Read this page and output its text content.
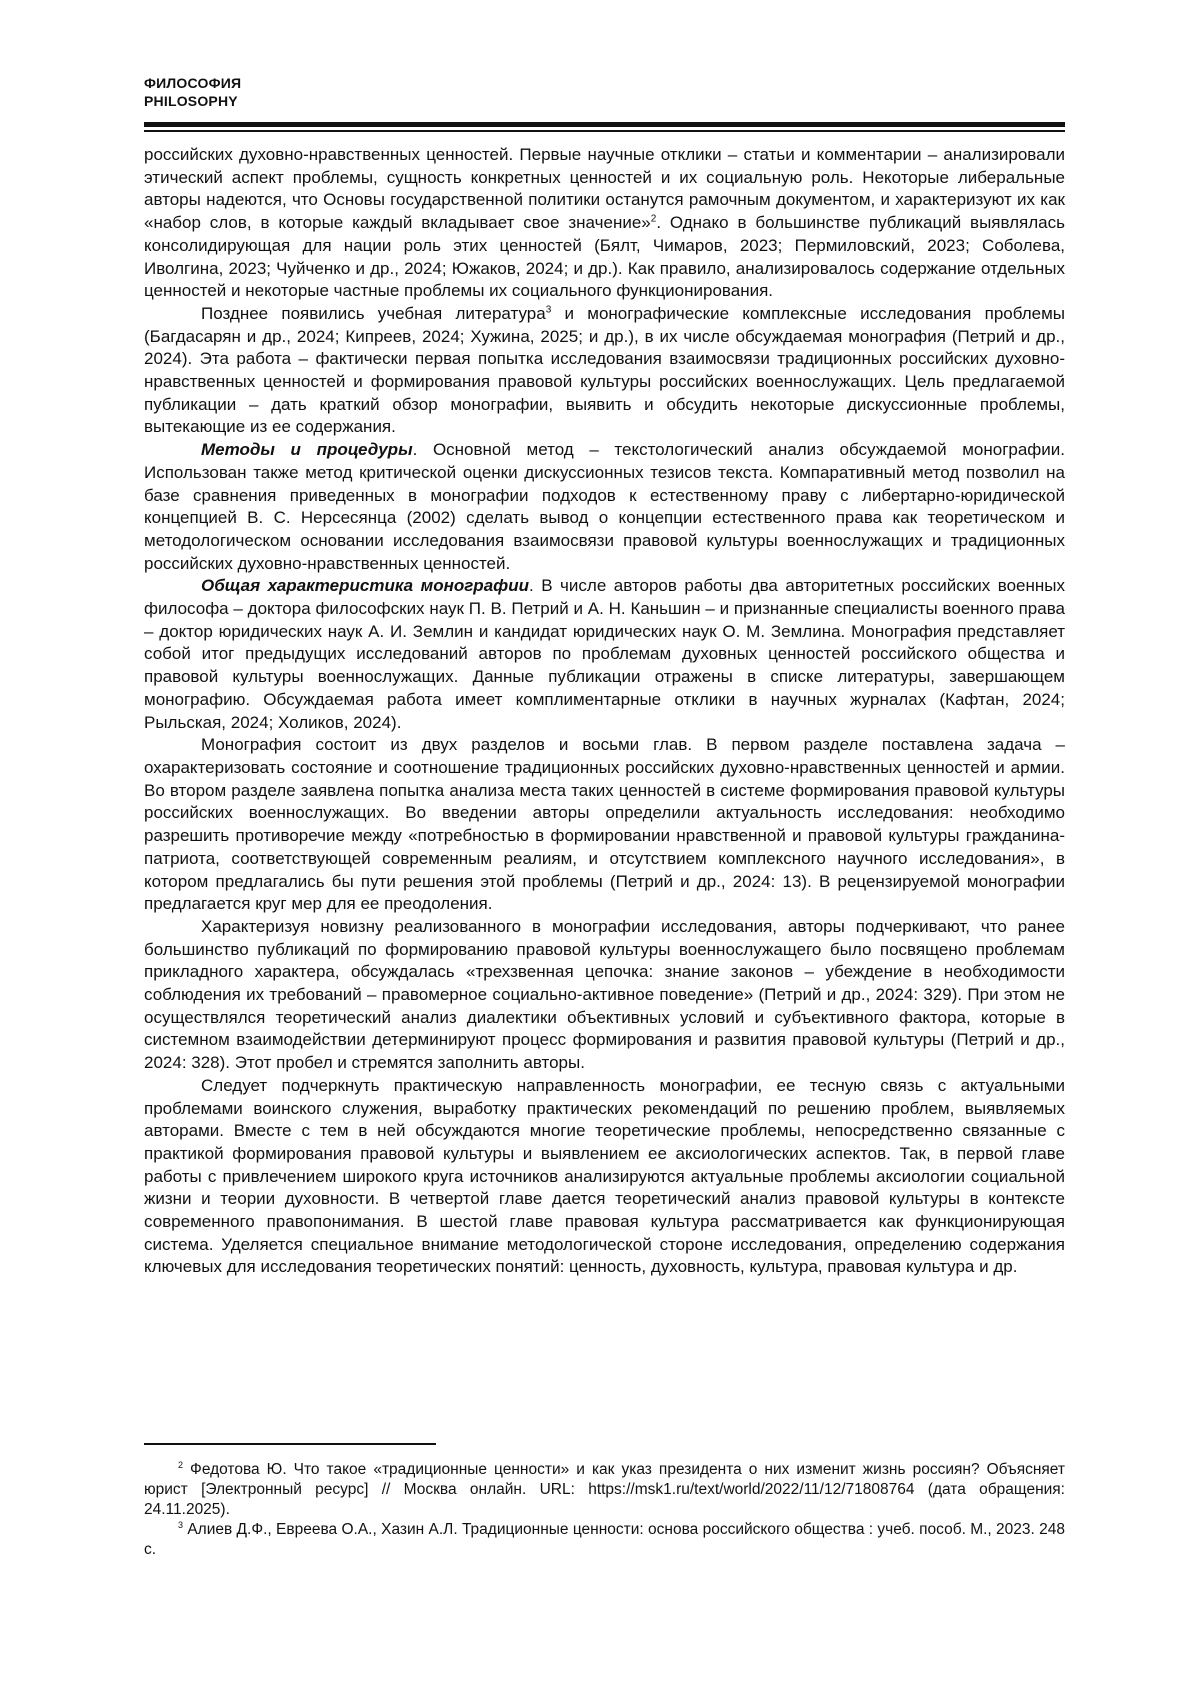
ФИЛОСОФИЯ
PHILOSOPHY

российских духовно-нравственных ценностей. Первые научные отклики – статьи и комментарии – анализировали этический аспект проблемы, сущность конкретных ценностей и их социальную роль. Некоторые либеральные авторы надеются, что Основы государственной политики останутся рамочным документом, и характеризуют их как «набор слов, в которые каждый вкладывает свое значение»$^2$. Однако в большинстве публикаций выявлялась консолидирующая для нации роль этих ценностей (Бялт, Чимаров, 2023; Пермиловский, 2023; Соболева, Иволгина, 2023; Чуйченко и др., 2024; Южаков, 2024; и др.). Как правило, анализировалось содержание отдельных ценностей и некоторые частные проблемы их социального функционирования.

Позднее появились учебная литература$^3$ и монографические комплексные исследования проблемы (Багдасарян и др., 2024; Кипреев, 2024; Хужина, 2025; и др.), в их числе обсуждаемая монография (Петрий и др., 2024). Эта работа – фактически первая попытка исследования взаимосвязи традиционных российских духовно-нравственных ценностей и формирования правовой культуры российских военнослужащих. Цель предлагаемой публикации – дать краткий обзор монографии, выявить и обсудить некоторые дискуссионные проблемы, вытекающие из ее содержания.

Методы и процедуры. Основной метод – текстологический анализ обсуждаемой монографии. Использован также метод критической оценки дискуссионных тезисов текста. Компаративный метод позволил на базе сравнения приведенных в монографии подходов к естественному праву с либертарно-юридической концепцией В. С. Нерсесянца (2002) сделать вывод о концепции естественного права как теоретическом и методологическом основании исследования взаимосвязи правовой культуры военнослужащих и традиционных российских духовно-нравственных ценностей.

Общая характеристика монографии. В числе авторов работы два авторитетных российских военных философа – доктора философских наук П. В. Петрий и А. Н. Каньшин – и признанные специалисты военного права – доктор юридических наук А. И. Землин и кандидат юридических наук О. М. Землина. Монография представляет собой итог предыдущих исследований авторов по проблемам духовных ценностей российского общества и правовой культуры военнослужащих. Данные публикации отражены в списке литературы, завершающем монографию. Обсуждаемая работа имеет комплиментарные отклики в научных журналах (Кафтан, 2024; Рыльская, 2024; Холиков, 2024).

Монография состоит из двух разделов и восьми глав. В первом разделе поставлена задача – охарактеризовать состояние и соотношение традиционных российских духовно-нравственных ценностей и армии. Во втором разделе заявлена попытка анализа места таких ценностей в системе формирования правовой культуры российских военнослужащих. Во введении авторы определили актуальность исследования: необходимо разрешить противоречие между «потребностью в формировании нравственной и правовой культуры гражданина-патриота, соответствующей современным реалиям, и отсутствием комплексного научного исследования», в котором предлагались бы пути решения этой проблемы (Петрий и др., 2024: 13). В рецензируемой монографии предлагается круг мер для ее преодоления.

Характеризуя новизну реализованного в монографии исследования, авторы подчеркивают, что ранее большинство публикаций по формированию правовой культуры военнослужащего было посвящено проблемам прикладного характера, обсуждалась «трехзвенная цепочка: знание законов – убеждение в необходимости соблюдения их требований – правомерное социально-активное поведение» (Петрий и др., 2024: 329). При этом не осуществлялся теоретический анализ диалектики объективных условий и субъективного фактора, которые в системном взаимодействии детерминируют процесс формирования и развития правовой культуры (Петрий и др., 2024: 328). Этот пробел и стремятся заполнить авторы.

Следует подчеркнуть практическую направленность монографии, ее тесную связь с актуальными проблемами воинского служения, выработку практических рекомендаций по решению проблем, выявляемых авторами. Вместе с тем в ней обсуждаются многие теоретические проблемы, непосредственно связанные с практикой формирования правовой культуры и выявлением ее аксиологических аспектов. Так, в первой главе работы с привлечением широкого круга источников анализируются актуальные проблемы аксиологии социальной жизни и теории духовности. В четвертой главе дается теоретический анализ правовой культуры в контексте современного правопонимания. В шестой главе правовая культура рассматривается как функционирующая система. Уделяется специальное внимание методологической стороне исследования, определению содержания ключевых для исследования теоретических понятий: ценность, духовность, культура, правовая культура и др.

$^2$ Федотова Ю. Что такое «традиционные ценности» и как указ президента о них изменит жизнь россиян? Объясняет юрист [Электронный ресурс] // Москва онлайн. URL: https://msk1.ru/text/world/2022/11/12/71808764 (дата обращения: 24.11.2025).

$^3$ Алиев Д.Ф., Евреева О.А., Хазин А.Л. Традиционные ценности: основа российского общества : учеб. пособ. М., 2023. 248 с.
